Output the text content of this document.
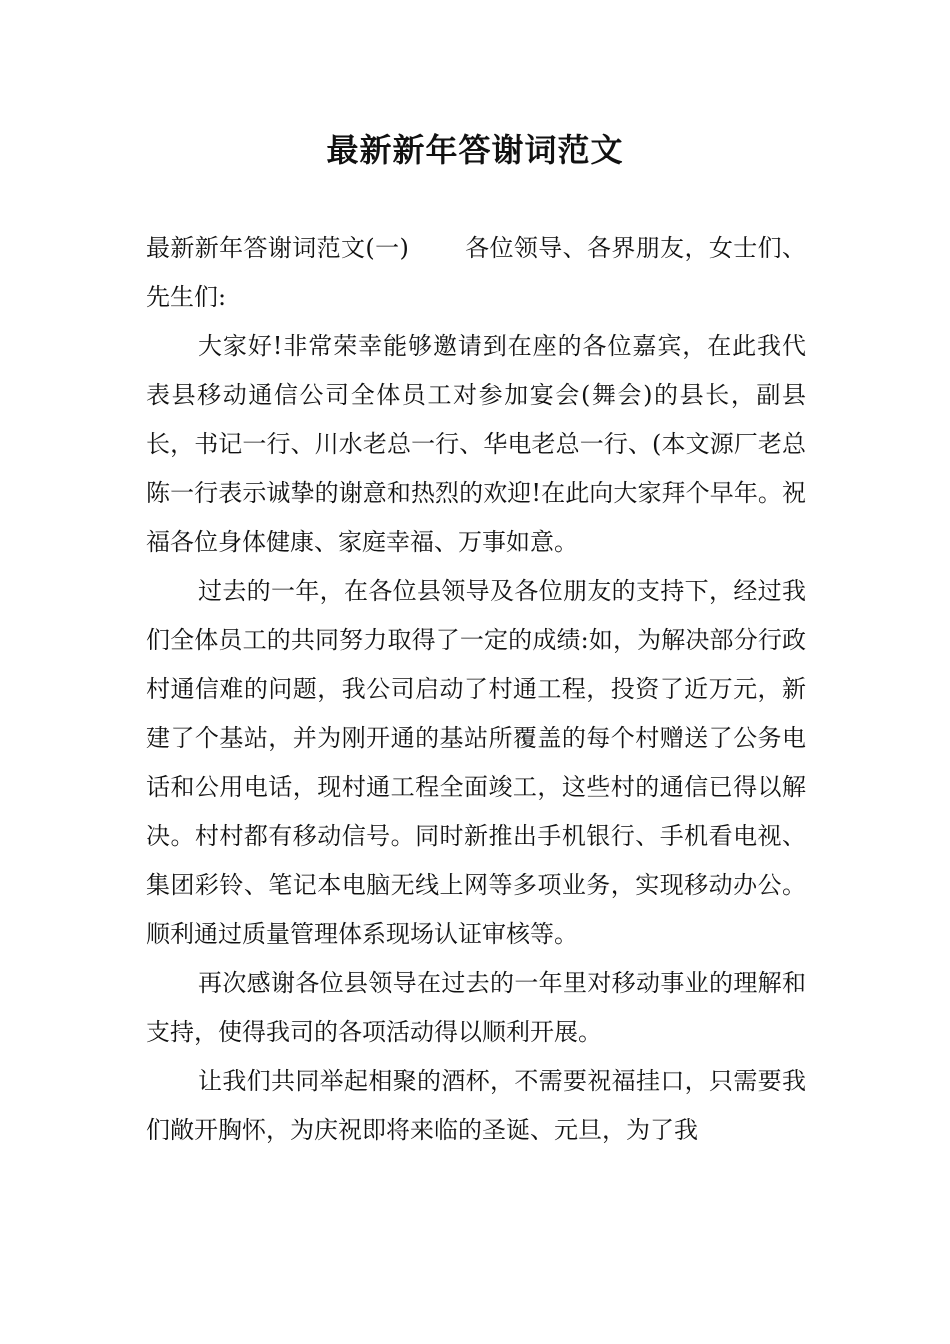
最新新年答谢词范文

最新新年答谢词范文(一) 各位领导、各界朋友，女士们、先生们:

大家好!非常荣幸能够邀请到在座的各位嘉宾，在此我代表县移动通信公司全体员工对参加宴会(舞会)的县长，副县长，书记一行、川水老总一行、华电老总一行、(本文源厂老总陈一行表示诚挚的谢意和热烈的欢迎!在此向大家拜个早年。祝福各位身体健康、家庭幸福、万事如意。

过去的一年，在各位县领导及各位朋友的支持下，经过我们全体员工的共同努力取得了一定的成绩:如，为解决部分行政村通信难的问题，我公司启动了村通工程，投资了近万元，新建了个基站，并为刚开通的基站所覆盖的每个村赠送了公务电话和公用电话，现村通工程全面竣工，这些村的通信已得以解决。村村都有移动信号。同时新推出手机银行、手机看电视、集团彩铃、笔记本电脑无线上网等多项业务，实现移动办公。顺利通过质量管理体系现场认证审核等。

再次感谢各位县领导在过去的一年里对移动事业的理解和支持，使得我司的各项活动得以顺利开展。

让我们共同举起相聚的酒杯，不需要祝福挂口，只需要我们敞开胸怀，为庆祝即将来临的圣诞、元旦，为了我
